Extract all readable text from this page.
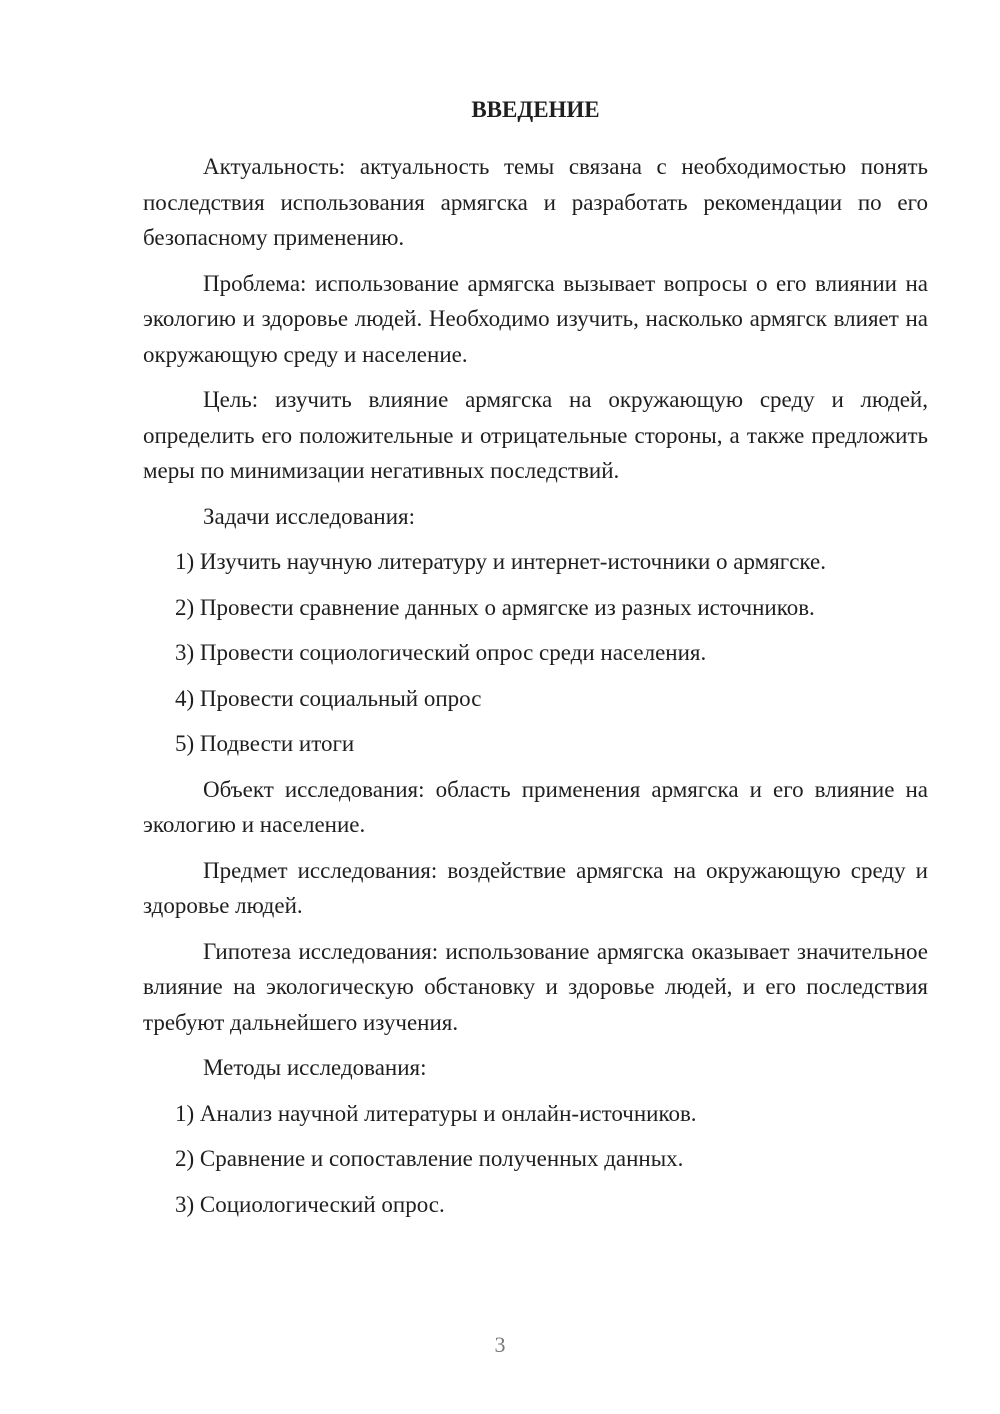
ВВЕДЕНИЕ

Актуальность: актуальность темы связана с необходимостью понять последствия использования армягска и разработать рекомендации по его безопасному применению.

Проблема: использование армягска вызывает вопросы о его влиянии на экологию и здоровье людей. Необходимо изучить, насколько армягск влияет на окружающую среду и население.

Цель: изучить влияние армягска на окружающую среду и людей, определить его положительные и отрицательные стороны, а также предложить меры по минимизации негативных последствий.

Задачи исследования:

1) Изучить научную литературу и интернет-источники о армягске.

2) Провести сравнение данных о армягске из разных источников.

3) Провести социологический опрос среди населения.

4) Провести социальный опрос

5) Подвести итоги

Объект исследования: область применения армягска и его влияние на экологию и население.

Предмет исследования: воздействие армягска на окружающую среду и здоровье людей.

Гипотеза исследования: использование армягска оказывает значительное влияние на экологическую обстановку и здоровье людей, и его последствия требуют дальнейшего изучения.

Методы исследования:

1) Анализ научной литературы и онлайн-источников.

2) Сравнение и сопоставление полученных данных.

3) Социологический опрос.

3
